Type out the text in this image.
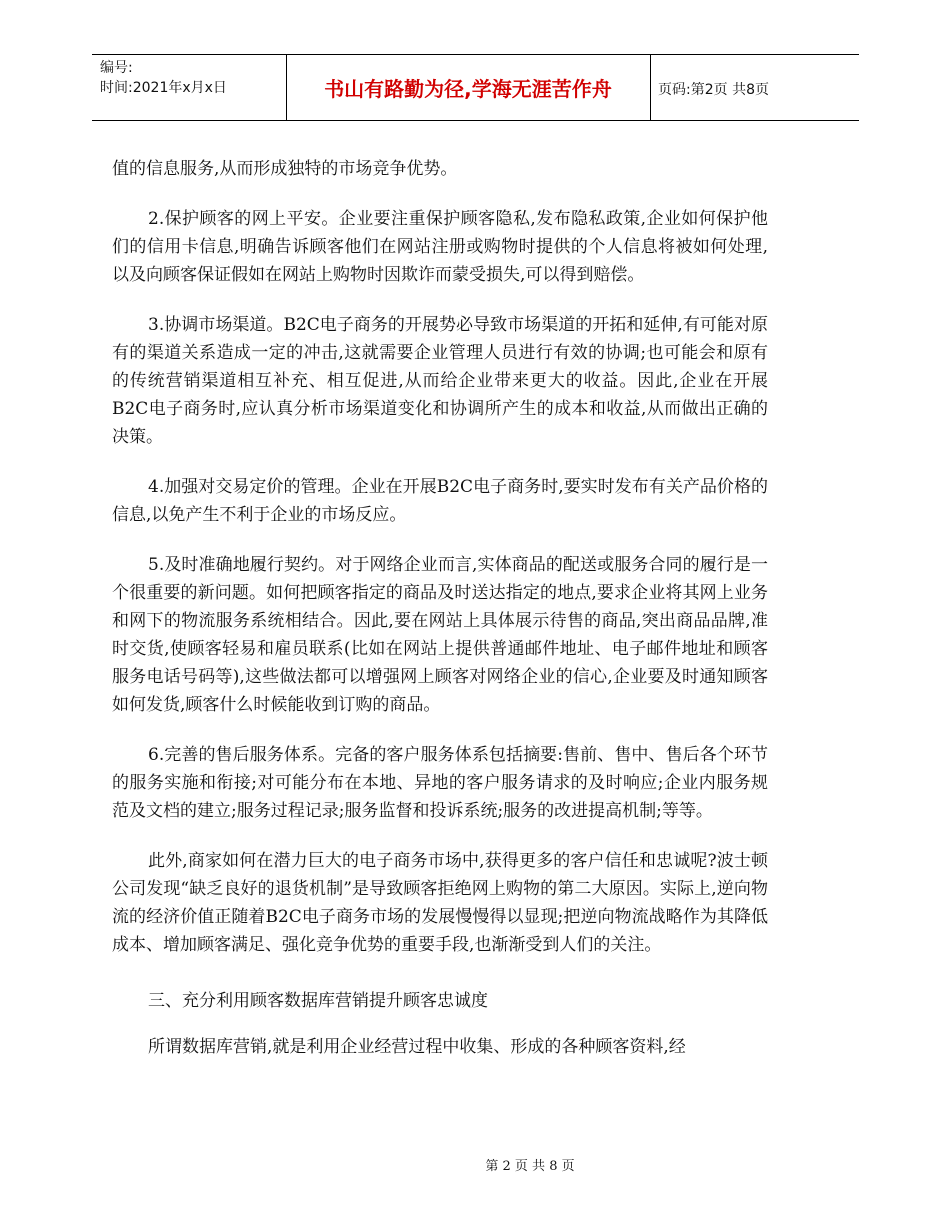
编号:
时间:2021年x月x日	书山有路勤为径,学海无涯苦作舟	页码:第2页 共8页

值的信息服务,从而形成独特的市场竞争优势。

2.保护顾客的网上平安。企业要注重保护顾客隐私,发布隐私政策,企业如何保护他们的信用卡信息,明确告诉顾客他们在网站注册或购物时提供的个人信息将被如何处理,以及向顾客保证假如在网站上购物时因欺诈而蒙受损失,可以得到赔偿。

3.协调市场渠道。B2C电子商务的开展势必导致市场渠道的开拓和延伸,有可能对原有的渠道关系造成一定的冲击,这就需要企业管理人员进行有效的协调;也可能会和原有的传统营销渠道相互补充、相互促进,从而给企业带来更大的收益。因此,企业在开展B2C电子商务时,应认真分析市场渠道变化和协调所产生的成本和收益,从而做出正确的决策。

4.加强对交易定价的管理。企业在开展B2C电子商务时,要实时发布有关产品价格的信息,以免产生不利于企业的市场反应。

5.及时准确地履行契约。对于网络企业而言,实体商品的配送或服务合同的履行是一个很重要的新问题。如何把顾客指定的商品及时送达指定的地点,要求企业将其网上业务和网下的物流服务系统相结合。因此,要在网站上具体展示待售的商品,突出商品品牌,准时交货,使顾客轻易和雇员联系(比如在网站上提供普通邮件地址、电子邮件地址和顾客服务电话号码等),这些做法都可以增强网上顾客对网络企业的信心,企业要及时通知顾客如何发货,顾客什么时候能收到订购的商品。

6.完善的售后服务体系。完备的客户服务体系包括摘要:售前、售中、售后各个环节的服务实施和衔接;对可能分布在本地、异地的客户服务请求的及时响应;企业内服务规范及文档的建立;服务过程记录;服务监督和投诉系统;服务的改进提高机制;等等。

此外,商家如何在潜力巨大的电子商务市场中,获得更多的客户信任和忠诚呢?波士顿公司发现“缺乏良好的退货机制”是导致顾客拒绝网上购物的第二大原因。实际上,逆向物流的经济价值正随着B2C电子商务市场的发展慢慢得以显现;把逆向物流战略作为其降低成本、增加顾客满足、强化竞争优势的重要手段,也渐渐受到人们的关注。

三、充分利用顾客数据库营销提升顾客忠诚度

所谓数据库营销,就是利用企业经营过程中收集、形成的各种顾客资料,经

第 2 页 共 8 页
